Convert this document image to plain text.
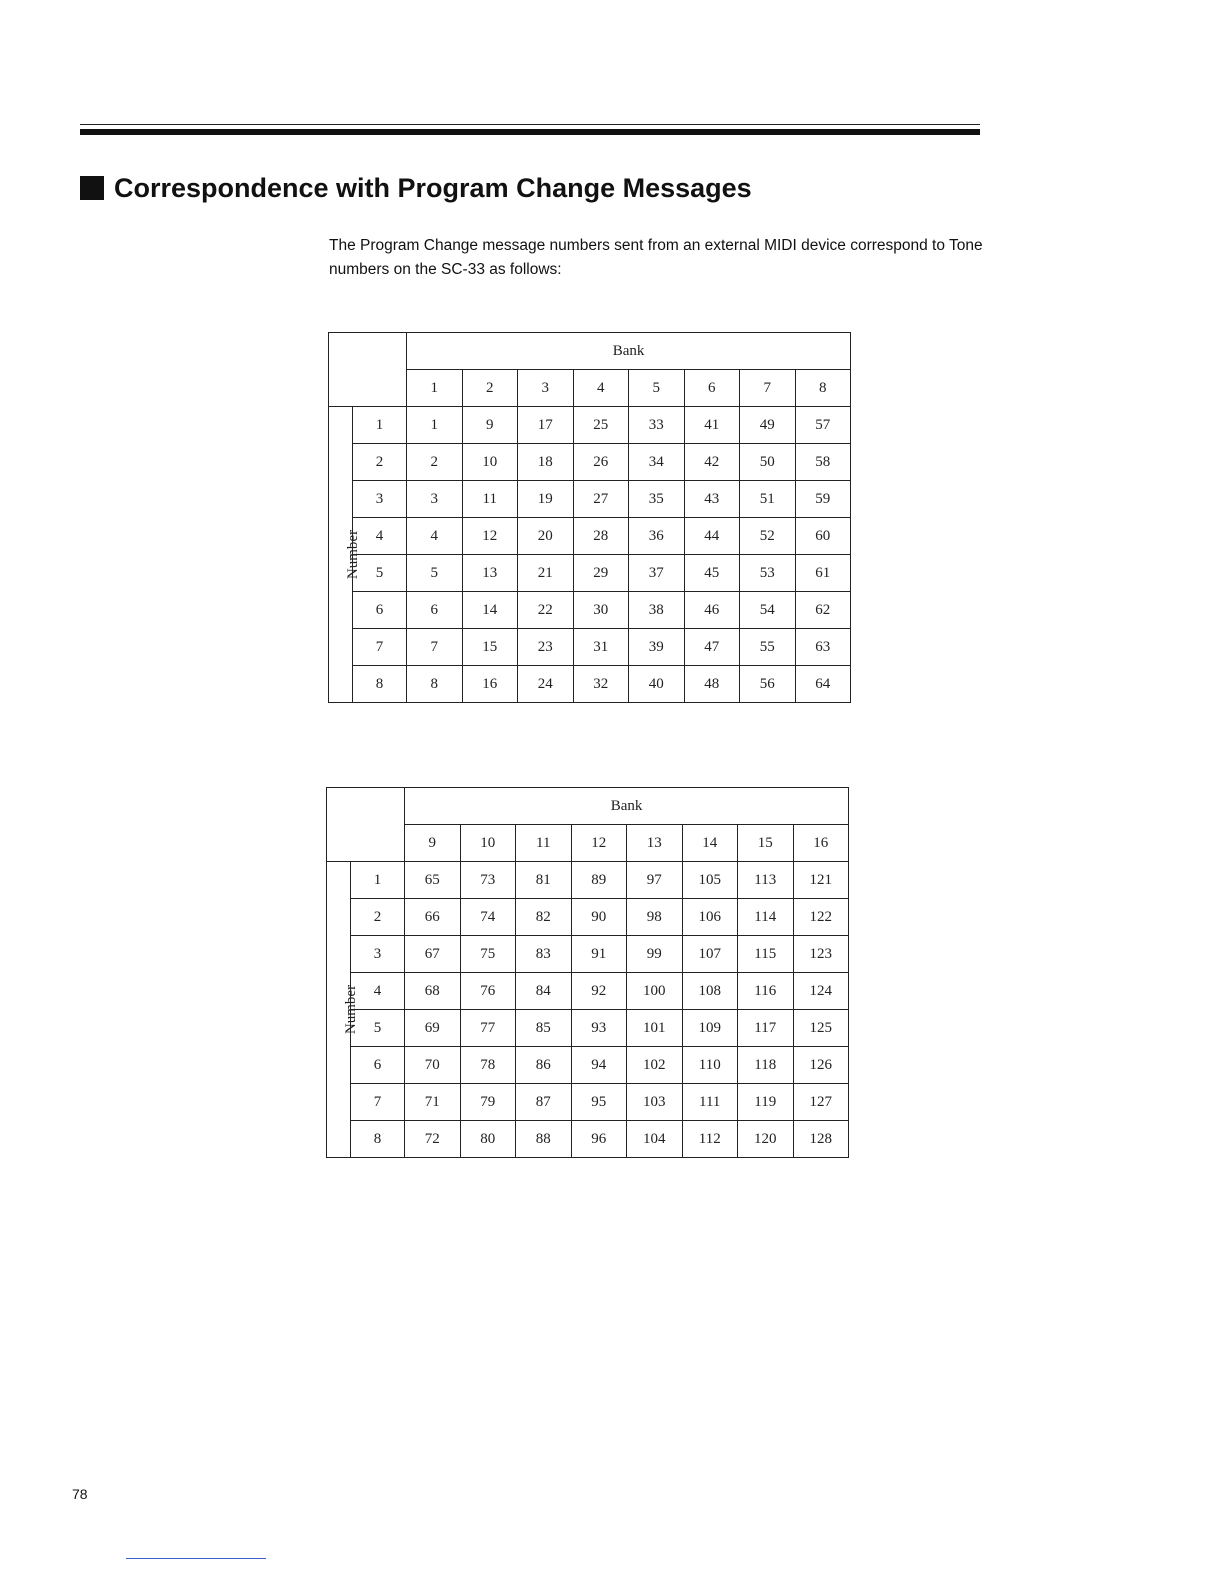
Correspondence with Program Change Messages
The Program Change message numbers sent from an external MIDI device correspond to Tone numbers on the SC-33 as follows:
		Bank							
		1	2	3	4	5	6	7	8
Number	1	1	9	17	25	33	41	49	57
	2	2	10	18	26	34	42	50	58
	3	3	11	19	27	35	43	51	59
	4	4	12	20	28	36	44	52	60
	5	5	13	21	29	37	45	53	61
	6	6	14	22	30	38	46	54	62
	7	7	15	23	31	39	47	55	63
	8	8	16	24	32	40	48	56	64
		Bank							
		9	10	11	12	13	14	15	16
Number	1	65	73	81	89	97	105	113	121
	2	66	74	82	90	98	106	114	122
	3	67	75	83	91	99	107	115	123
	4	68	76	84	92	100	108	116	124
	5	69	77	85	93	101	109	117	125
	6	70	78	86	94	102	110	118	126
	7	71	79	87	95	103	111	119	127
	8	72	80	88	96	104	112	120	128
78
